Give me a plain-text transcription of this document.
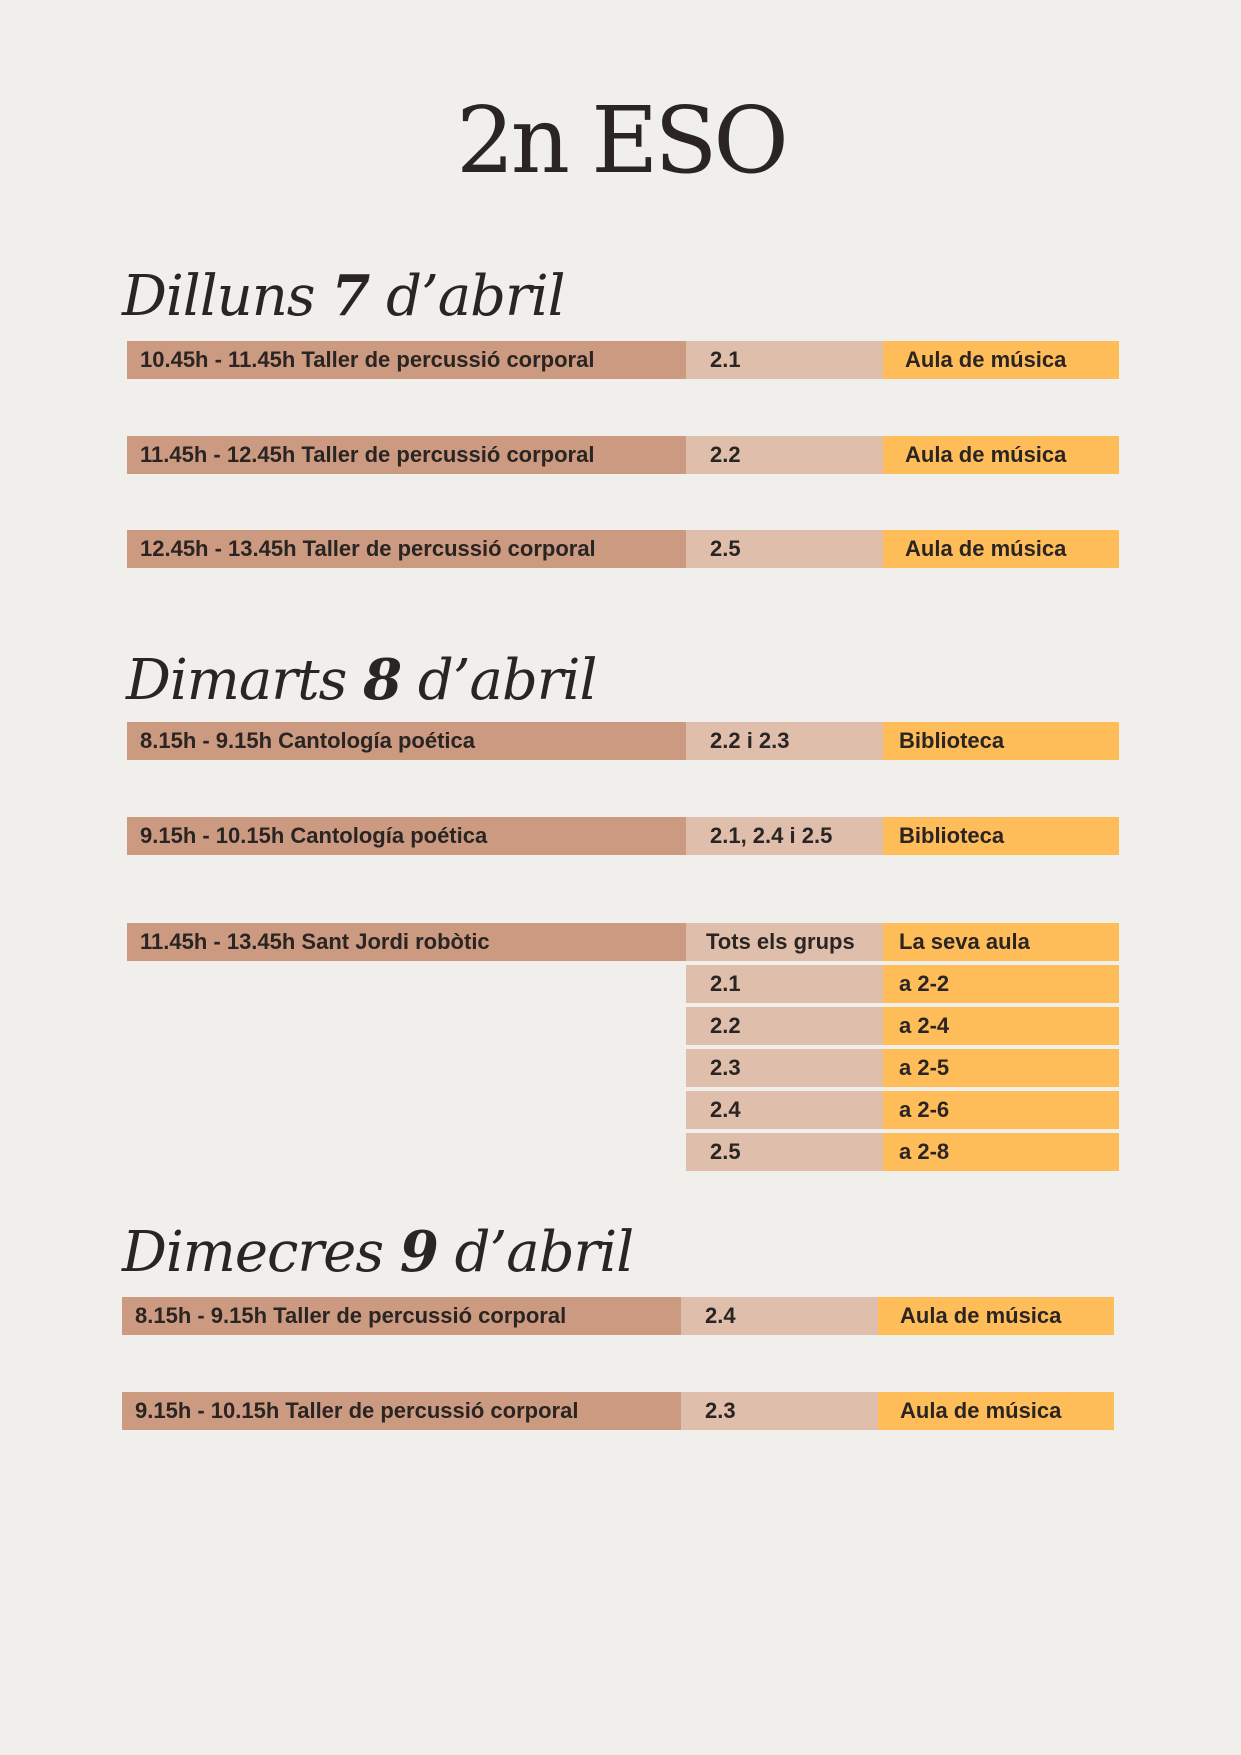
2n ESO
Dilluns 7 d’abril
10.45h - 11.45h Taller de percussió corporal	2.1	Aula de música
11.45h - 12.45h Taller de percussió corporal	2.2	Aula de música
12.45h - 13.45h Taller de percussió corporal	2.5	Aula de música
Dimarts 8 d’abril
8.15h - 9.15h Cantología poética	2.2 i 2.3	Biblioteca
9.15h - 10.15h Cantología poética	2.1, 2.4 i 2.5	Biblioteca
11.45h - 13.45h Sant Jordi robòtic	Tots els grups	La seva aula
2.1	a 2-2
2.2	a 2-4
2.3	a 2-5
2.4	a 2-6
2.5	a 2-8
Dimecres 9 d’abril
8.15h - 9.15h Taller de percussió corporal	2.4	Aula de música
9.15h - 10.15h Taller de percussió corporal	2.3	Aula de música
